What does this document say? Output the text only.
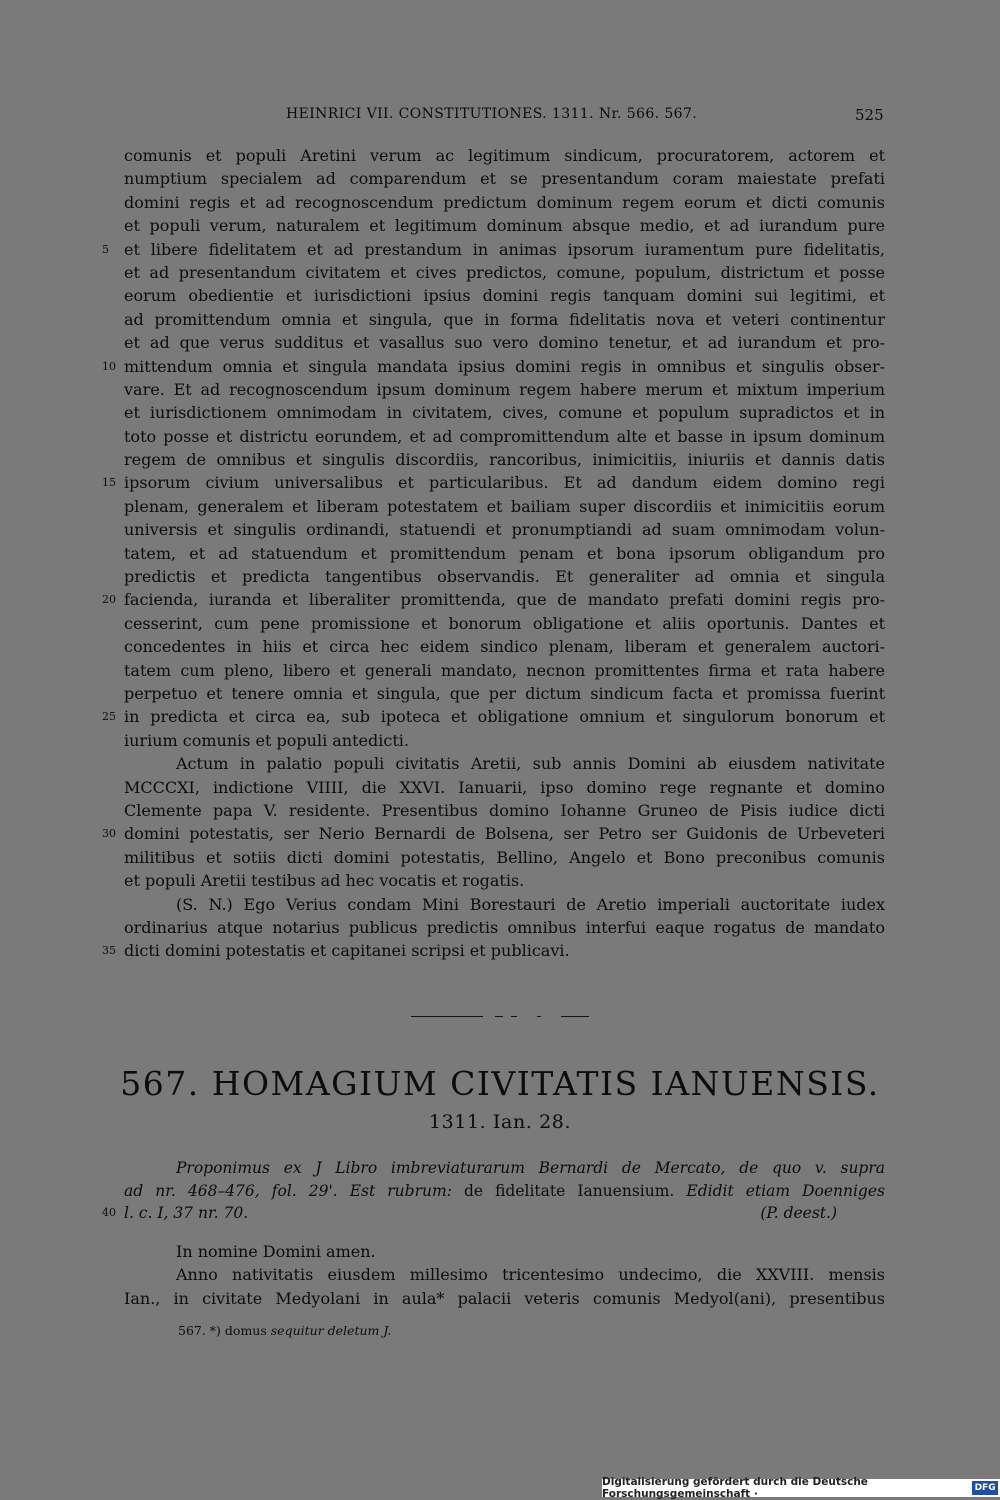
HEINRICI VII. CONSTITUTIONES. 1311. Nr. 566. 567.	525
comunis et populi Aretini verum ac legitimum sindicum, procuratorem, actorem et
numptium specialem ad comparendum et se presentandum coram maiestate prefati
domini regis et ad recognoscendum predictum dominum regem eorum et dicti comunis
et populi verum, naturalem et legitimum dominum absque medio, et ad iurandum pure
5 et libere fidelitatem et ad prestandum in animas ipsorum iuramentum pure fidelitatis,
et ad presentandum civitatem et cives predictos, comune, populum, districtum et posse
eorum obedientie et iurisdictioni ipsius domini regis tanquam domini sui legitimi, et
ad promittendum omnia et singula, que in forma fidelitatis nova et veteri continentur
et ad que verus sudditus et vasallus suo vero domino tenetur, et ad iurandum et pro-
10 mittendum omnia et singula mandata ipsius domini regis in omnibus et singulis obser-
vare. Et ad recognoscendum ipsum dominum regem habere merum et mixtum imperium
et iurisdictionem omnimodam in civitatem, cives, comune et populum supradictos et in
toto posse et districtu eorundem, et ad compromittendum alte et basse in ipsum dominum
regem de omnibus et singulis discordiis, rancoribus, inimicitiis, iniuriis et dannis datis
15 ipsorum civium universalibus et particularibus. Et ad dandum eidem domino regi
plenam, generalem et liberam potestatem et bailiam super discordiis et inimicitiis eorum
universis et singulis ordinandi, statuendi et pronumptiandi ad suam omnimodam volun-
tatem, et ad statuendum et promittendum penam et bona ipsorum obligandum pro
predictis et predicta tangentibus observandis. Et generaliter ad omnia et singula
20 facienda, iuranda et liberaliter promittenda, que de mandato prefati domini regis pro-
cesserint, cum pene promissione et bonorum obligatione et aliis oportunis. Dantes et
concedentes in hiis et circa hec eidem sindico plenam, liberam et generalem auctori-
tatem cum pleno, libero et generali mandato, necnon promittentes firma et rata habere
perpetuo et tenere omnia et singula, que per dictum sindicum facta et promissa fuerint
25 in predicta et circa ea, sub ipoteca et obligatione omnium et singulorum bonorum et
iurium comunis et populi antedicti.
Actum in palatio populi civitatis Aretii, sub annis Domini ab eiusdem nativitate
MCCCXI, indictione VIIII, die XXVI. Ianuarii, ipso domino rege regnante et domino
Clemente papa V. residente. Presentibus domino Iohanne Gruneo de Pisis iudice dicti
30 domini potestatis, ser Nerio Bernardi de Bolsena, ser Petro ser Guidonis de Urbeveteri
militibus et sotiis dicti domini potestatis, Bellino, Angelo et Bono preconibus comunis
et populi Aretii testibus ad hec vocatis et rogatis.
(S. N.) Ego Verius condam Mini Borestauri de Aretio imperiali auctoritate iudex
ordinarius atque notarius publicus predictis omnibus interfui eaque rogatus de mandato
35 dicti domini potestatis et capitanei scripsi et publicavi.
567. HOMAGIUM CIVITATIS IANUENSIS.
1311. Ian. 28.
Proponimus ex J Libro imbreviaturarum Bernardi de Mercato, de quo v. supra
ad nr. 468–476, fol. 29'. Est rubrum: de fidelitate Ianuensium. Edidit etiam Doenniges
40 l. c. I, 37 nr. 70.	(P. deest.)
In nomine Domini amen.
Anno nativitatis eiusdem millesimo tricentesimo undecimo, die XXVIII. mensis
Ian., in civitate Medyolani in aula* palacii veteris comunis Medyol(ani), presentibus
567. *) domus sequitur deletum J.
Digitalisierung gefördert durch die Deutsche Forschungsgemeinschaft ·	DFG
